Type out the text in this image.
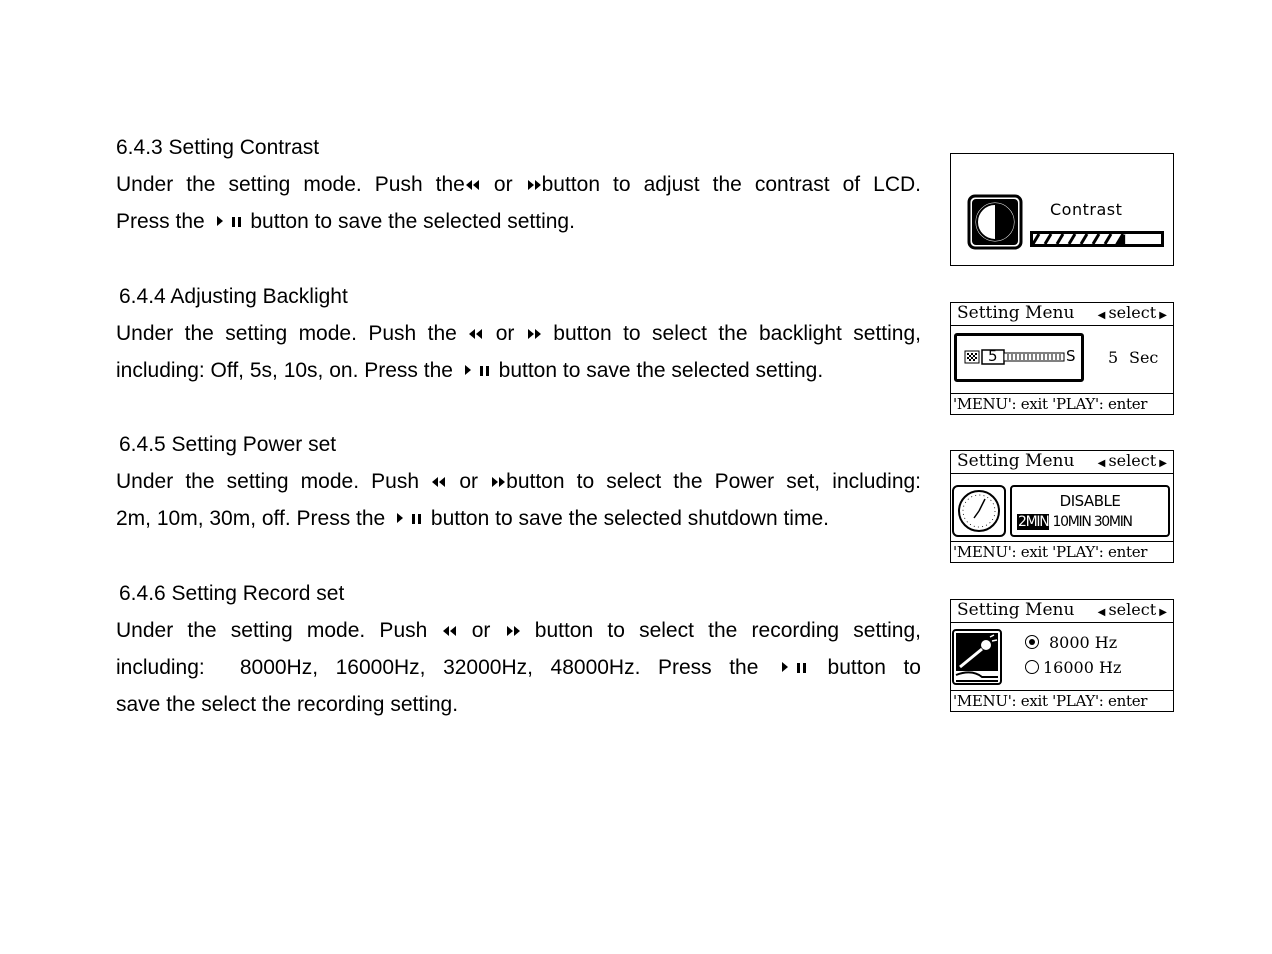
6.4.3 Setting Contrast
Under the setting mode. Push the or button to adjust the contrast of LCD.
Press the  button to save the selected setting.
6.4.4 Adjusting Backlight
Under the setting mode. Push the  or  button to select the backlight setting,
including: Off, 5s, 10s, on. Press the  button to save the selected setting.
6.4.5 Setting Power set
Under the setting mode. Push  or button to select the Power set, including:
2m, 10m, 30m, off. Press the  button to save the selected shutdown time.
6.4.6 Setting Record set
Under the setting mode. Push  or  button to select the recording setting,
including:  8000Hz, 16000Hz, 32000Hz, 48000Hz. Press the  button to
save the select the recording setting.
Contrast
Setting Menu ◀ select ▶
5	S 5 Sec
'MENU': exit 'PLAY': enter
Setting Menu ◀ select ▶
DISABLE
2MIN 10MIN 30MIN
'MENU': exit 'PLAY': enter
Setting Menu ◀ select ▶
8000 Hz
16000 Hz
'MENU': exit 'PLAY': enter
